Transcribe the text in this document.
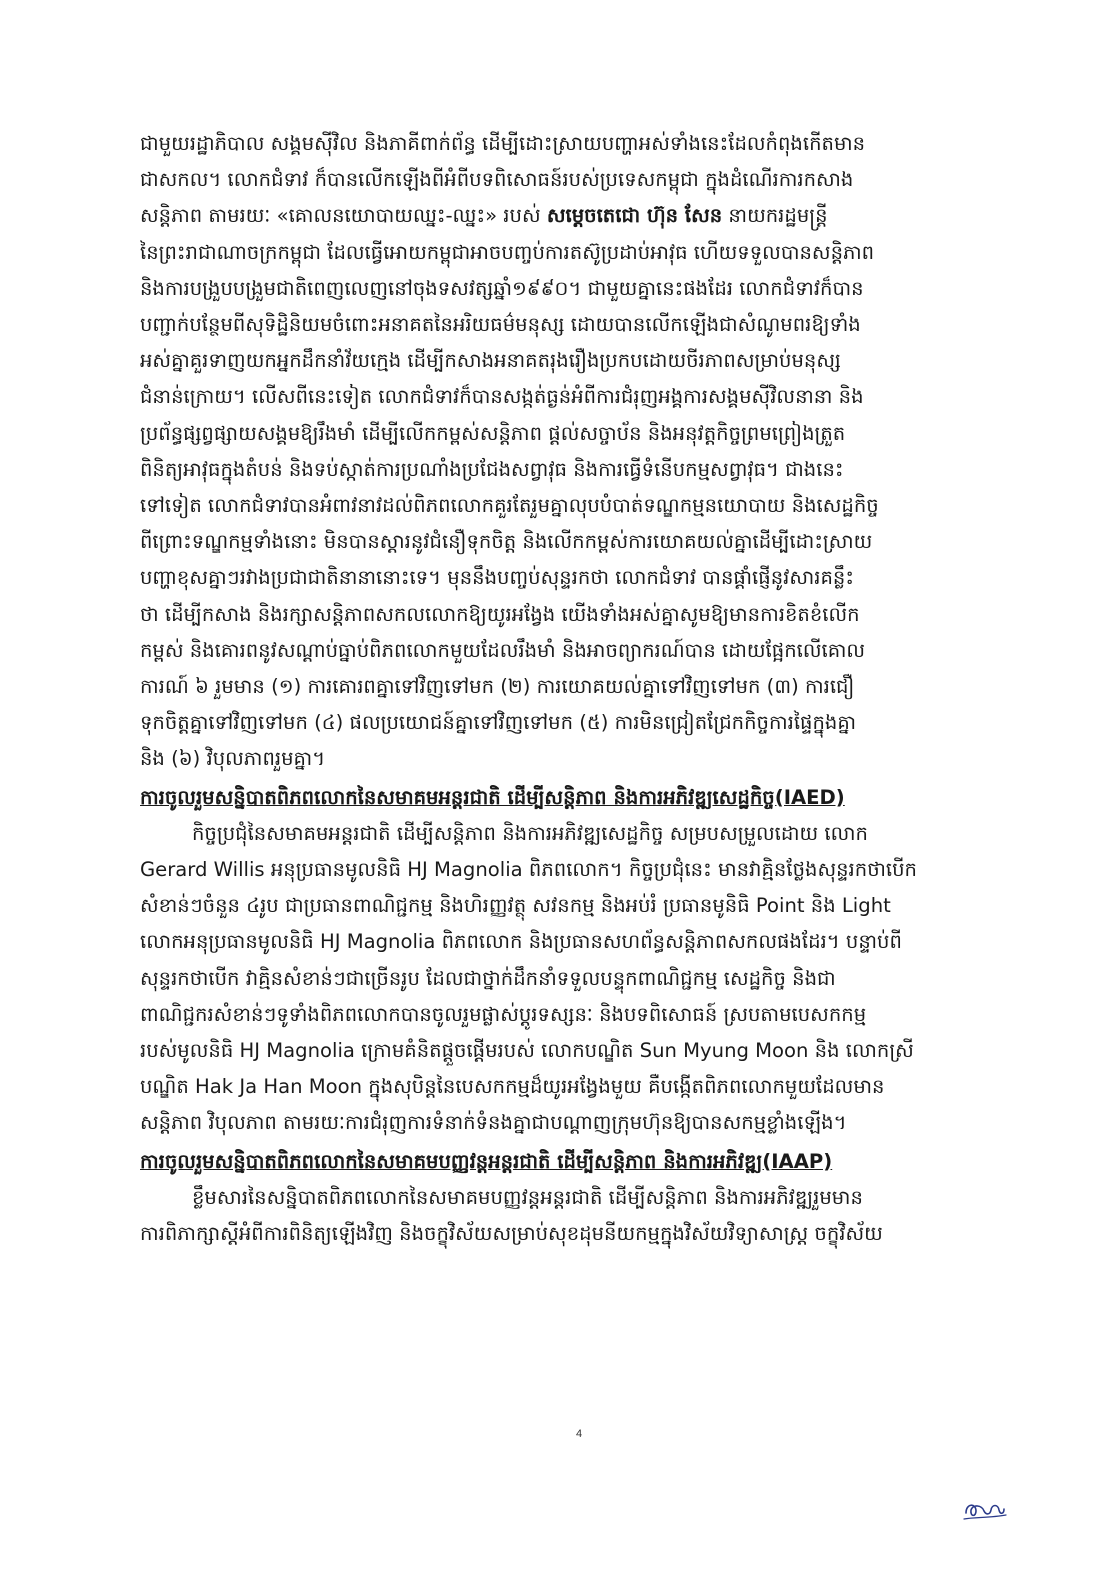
ជាមួយរដ្ឋាភិបាល សង្គមស៊ីវិល និងភាគីពាក់ព័ន្ធ ដើម្បីដោះស្រាយបញ្ហាអស់ទាំងនេះដែលកំពុងកើតមាន
ជាសកល។ លោកជំទាវ ក៏បានលើកឡើងពីអំពីបទពិសោធន៍របស់ប្រទេសកម្ពុជា ក្នុងដំណើរការកសាង
សន្តិភាព តាមរយៈ «គោលនយោបាយឈ្នះ-ឈ្នះ» របស់ សម្តេចតេជោ ហ៊ុន សែន នាយករដ្ឋមន្ត្រី
នៃព្រះរាជាណាចក្រកម្ពុជា ដែលធ្វើអោយកម្ពុជាអាចបញ្ចប់ការតស៊ូប្រដាប់អាវុធ ហើយទទួលបានសន្តិភាព
និងការបង្រួបបង្រួមជាតិពេញលេញនៅចុងទសវត្សឆ្នាំ១៩៩០។ ជាមួយគ្នានេះផងដែរ លោកជំទាវក៏បាន
បញ្ជាក់បន្ថែមពីសុទិដ្ឋិនិយមចំពោះអនាគតនៃអរិយធម៌មនុស្ស ដោយបានលើកឡើងជាសំណូមពរឱ្យទាំង
អស់គ្នាគួរទាញយកអ្នកដឹកនាំវ័យក្មេង ដើម្បីកសាងអនាគតរុងរឿងប្រកបដោយចីរភាពសម្រាប់មនុស្ស
ជំនាន់ក្រោយ។ លើសពីនេះទៀត លោកជំទាវក៏បានសង្កត់ធ្ងន់អំពីការជំរុញអង្គការសង្គមស៊ីវិលនានា និង
ប្រព័ន្ធផ្សព្វផ្សាយសង្គមឱ្យរឹងមាំ ដើម្បីលើកកម្ពស់សន្តិភាព ផ្តល់សច្ចាប័ន និងអនុវត្តកិច្ចព្រមព្រៀងត្រួត
ពិនិត្យអាវុធក្នុងតំបន់ និងទប់ស្កាត់ការប្រណាំងប្រជែងសព្វាវុធ និងការធ្វើទំនើបកម្មសព្វាវុធ។ ជាងនេះ
ទៅទៀត លោកជំទាវបានអំពាវនាវដល់ពិភពលោកគួរតែរួមគ្នាលុបបំបាត់ទណ្ឌកម្មនយោបាយ និងសេដ្ឋកិច្ច
ពីព្រោះទណ្ឌកម្មទាំងនោះ មិនបានស្តារនូវជំនឿទុកចិត្ត និងលើកកម្ពស់ការយោគយល់គ្នាដើម្បីដោះស្រាយ
បញ្ហាខុសគ្នាៗរវាងប្រជាជាតិនានានោះទេ។ មុននឹងបញ្ចប់សុន្ទរកថា លោកជំទាវ បានផ្តាំផ្ញើនូវសារគន្លឹះ
ថា ដើម្បីកសាង និងរក្សាសន្តិភាពសកលលោកឱ្យយូរអង្វែង យើងទាំងអស់គ្នាសូមឱ្យមានការខិតខំលើក
កម្ពស់ និងគោរពនូវសណ្តាប់ធ្នាប់ពិភពលោកមួយដែលរឹងមាំ និងអាចព្យាករណ៍បាន ដោយផ្អែកលើគោល
ការណ៍ ៦ រួមមាន (១) ការគោរពគ្នាទៅវិញទៅមក (២) ការយោគយល់គ្នាទៅវិញទៅមក (៣) ការជឿ
ទុកចិត្តគ្នាទៅវិញទៅមក (៤) ផលប្រយោជន៍គ្នាទៅវិញទៅមក (៥) ការមិនជ្រៀតជ្រែកកិច្ចការផ្ទៃក្នុងគ្នា
និង (៦) វិបុលភាពរួមគ្នា។
ការចូលរួមសន្និបាតពិភពលោកនៃសមាគមអន្តរជាតិ ដើម្បីសន្តិភាព និងការអភិវឌ្ឍសេដ្ឋកិច្ច(IAED)
កិច្ចប្រជុំនៃសមាគមអន្តរជាតិ ដើម្បីសន្តិភាព និងការអភិវឌ្ឍសេដ្ឋកិច្ច សម្របសម្រួលដោយ លោក
Gerard Willis អនុប្រធានមូលនិធិ HJ Magnolia ពិភពលោក។ កិច្ចប្រជុំនេះ មានវាគ្មិនថ្លែងសុន្ទរកថាបើក
សំខាន់ៗចំនួន ៤រូប ជាប្រធានពាណិជ្ជកម្ម និងហិរញ្ញវត្ថុ សវនកម្ម និងអប់រំ ប្រធានមូនិធិ Point និង Light
លោកអនុប្រធានមូលនិធិ HJ Magnolia ពិភពលោក និងប្រធានសហព័ន្ធសន្តិភាពសកលផងដែរ។ បន្ទាប់ពី
សុន្ទរកថាបើក វាគ្មិនសំខាន់ៗជាច្រើនរូប ដែលជាថ្នាក់ដឹកនាំទទួលបន្ទុកពាណិជ្ជកម្ម សេដ្ឋកិច្ច និងជា
ពាណិជ្ជករសំខាន់ៗទូទាំងពិភពលោកបានចូលរួមផ្លាស់ប្តូរទស្សនៈ និងបទពិសោធន៍ ស្របតាមបេសកកម្ម
របស់មូលនិធិ HJ Magnolia ក្រោមគំនិតផ្តួចផ្តើមរបស់ លោកបណ្ឌិត Sun Myung Moon និង លោកស្រី
បណ្ឌិត Hak Ja Han Moon ក្នុងសុបិន្តនៃបេសកកម្មដ៏យូរអង្វែងមួយ គឺបង្កើតពិភពលោកមួយដែលមាន
សន្តិភាព វិបុលភាព តាមរយៈការជំរុញការទំនាក់ទំនងគ្នាជាបណ្តាញក្រុមហ៊ុនឱ្យបានសកម្មខ្លាំងឡើង។
ការចូលរួមសន្និបាតពិភពលោកនៃសមាគមបញ្ញវន្តអន្តរជាតិ ដើម្បីសន្តិភាព និងការអភិវឌ្ឍ(IAAP)
ខ្លឹមសារនៃសន្និបាតពិភពលោកនៃសមាគមបញ្ញវន្តអន្តរជាតិ ដើម្បីសន្តិភាព និងការអភិវឌ្ឍរួមមាន
ការពិភាក្សាស្តីអំពីការពិនិត្យឡើងវិញ និងចក្ខុវិស័យសម្រាប់សុខដុមនីយកម្មក្នុងវិស័យវិទ្យាសាស្ត្រ ចក្ខុវិស័យ
4
